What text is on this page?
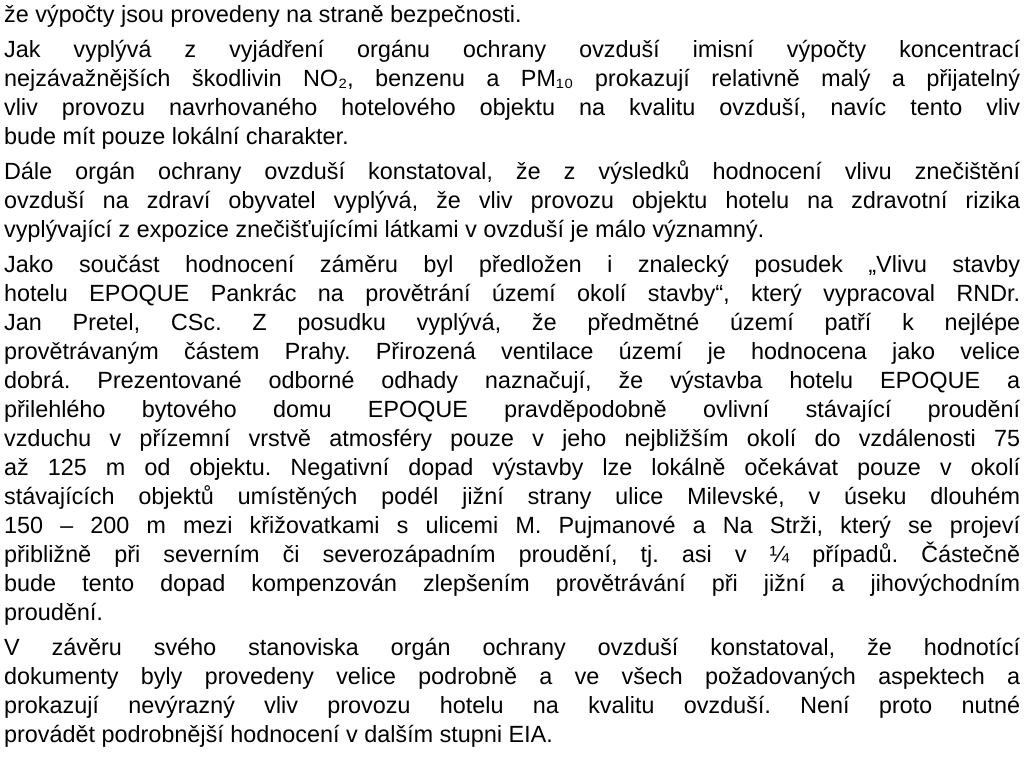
že výpočty jsou provedeny na straně bezpečnosti.
Jak vyplývá z vyjádření orgánu ochrany ovzduší imisní výpočty koncentrací
nejzávažnějších škodlivin NO₂, benzenu a PM₁₀ prokazují relativně malý a přijatelný
vliv provozu navrhovaného hotelového objektu na kvalitu ovzduší, navíc tento vliv
bude mít pouze lokální charakter.
Dále orgán ochrany ovzduší konstatoval, že z výsledků hodnocení vlivu znečištění
ovzduší na zdraví obyvatel vyplývá, že vliv provozu objektu hotelu na zdravotní rizika
vyplývající z expozice znečišťujícími látkami v ovzduší je málo významný.
Jako součást hodnocení záměru byl předložen i znalecký posudek „Vlivu stavby
hotelu EPOQUE Pankrác na provětrání území okolí stavby“, který vypracoval RNDr.
Jan Pretel, CSc. Z posudku vyplývá, že předmětné území patří k nejlépe
provětrávaným částem Prahy. Přirozená ventilace území je hodnocena jako velice
dobrá. Prezentované odborné odhady naznačují, že výstavba hotelu EPOQUE a
přilehlého bytového domu EPOQUE pravděpodobně ovlivní stávající proudění
vzduchu v přízemní vrstvě atmosféry pouze v jeho nejbližším okolí do vzdálenosti 75
až 125 m od objektu. Negativní dopad výstavby lze lokálně očekávat pouze v okolí
stávajících objektů umístěných podél jižní strany ulice Milevské, v úseku dlouhém
150 – 200 m mezi křižovatkami s ulicemi M. Pujmanové a Na Strži, který se projeví
přibližně při severním či severozápadním proudění, tj. asi v ¼ případů. Částečně
bude tento dopad kompenzován zlepšením provětrávání při jižní a jihovýchodním
proudění.
V závěru svého stanoviska orgán ochrany ovzduší konstatoval, že hodnotící
dokumenty byly provedeny velice podrobně a ve všech požadovaných aspektech a
prokazují nevýrazný vliv provozu hotelu na kvalitu ovzduší. Není proto nutné
provádět podrobnější hodnocení v dalším stupni EIA.
